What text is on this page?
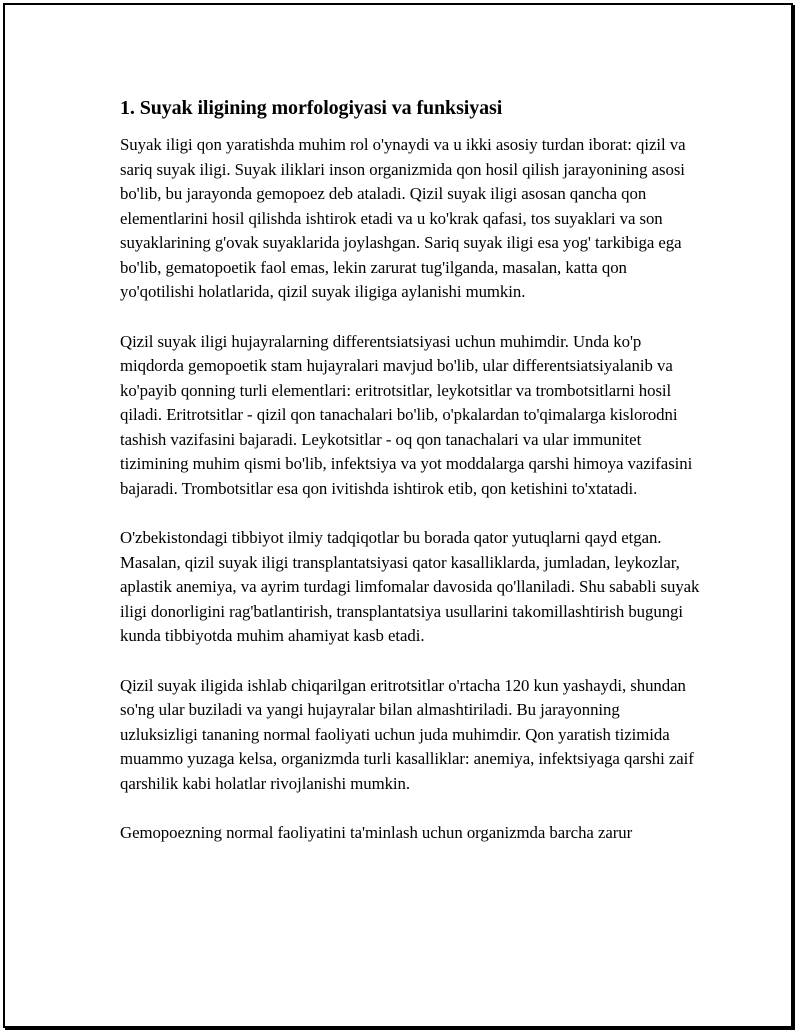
1. Suyak iligining morfologiyasi va funksiyasi

Suyak iligi qon yaratishda muhim rol o'ynaydi va u ikki asosiy turdan iborat: qizil va sariq suyak iligi. Suyak iliklari inson organizmida qon hosil qilish jarayonining asosi bo'lib, bu jarayonda gemopoez deb ataladi. Qizil suyak iligi asosan qancha qon elementlarini hosil qilishda ishtirok etadi va u ko'krak qafasi, tos suyaklari va son suyaklarining g'ovak suyaklarida joylashgan. Sariq suyak iligi esa yog' tarkibiga ega bo'lib, gematopoetik faol emas, lekin zarurat tug'ilganda, masalan, katta qon yo'qotilishi holatlarida, qizil suyak iligiga aylanishi mumkin.

Qizil suyak iligi hujayralarning differentsiatsiyasi uchun muhimdir. Unda ko'p miqdorda gemopoetik stam hujayralari mavjud bo'lib, ular differentsiatsiyalanib va ko'payib qonning turli elementlari: eritrotsitlar, leykotsitlar va trombotsitlarni hosil qiladi. Eritrotsitlar - qizil qon tanachalari bo'lib, o'pkalardan to'qimalarga kislorodni tashish vazifasini bajaradi. Leykotsitlar - oq qon tanachalari va ular immunitet tizimining muhim qismi bo'lib, infektsiya va yot moddalarga qarshi himoya vazifasini bajaradi. Trombotsitlar esa qon ivitishda ishtirok etib, qon ketishini to'xtatadi.

O'zbekistondagi tibbiyot ilmiy tadqiqotlar bu borada qator yutuqlarni qayd etgan. Masalan, qizil suyak iligi transplantatsiyasi qator kasalliklarda, jumladan, leykozlar, aplastik anemiya, va ayrim turdagi limfomalar davosida qo'llaniladi. Shu sababli suyak iligi donorligini rag'batlantirish, transplantatsiya usullarini takomillashtirish bugungi kunda tibbiyotda muhim ahamiyat kasb etadi.

Qizil suyak iligida ishlab chiqarilgan eritrotsitlar o'rtacha 120 kun yashaydi, shundan so'ng ular buziladi va yangi hujayralar bilan almashtiriladi. Bu jarayonning uzluksizligi tananing normal faoliyati uchun juda muhimdir. Qon yaratish tizimida muammo yuzaga kelsa, organizmda turli kasalliklar: anemiya, infektsiyaga qarshi zaif qarshilik kabi holatlar rivojlanishi mumkin.

Gemopoezning normal faoliyatini ta'minlash uchun organizmda barcha zarur
